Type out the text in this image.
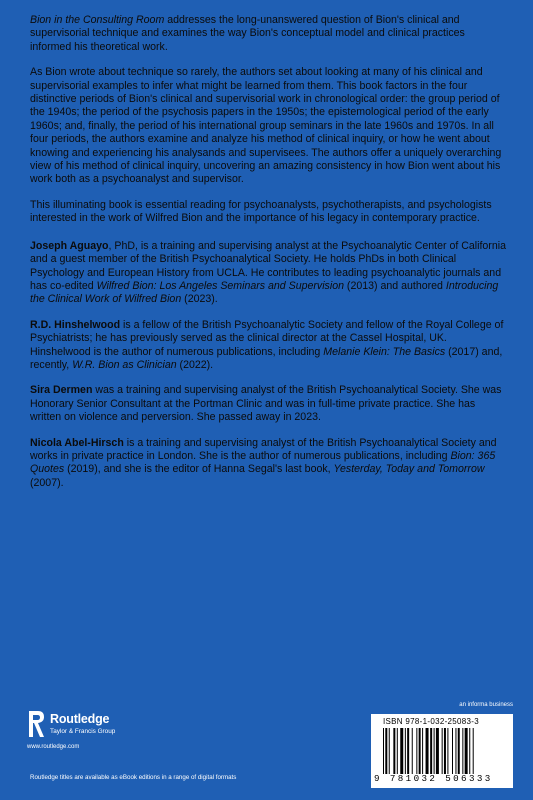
Bion in the Consulting Room addresses the long-unanswered question of Bion's clinical and supervisorial technique and examines the way Bion's conceptual model and clinical practices informed his theoretical work.

As Bion wrote about technique so rarely, the authors set about looking at many of his clinical and supervisorial examples to infer what might be learned from them. This book factors in the four distinctive periods of Bion's clinical and supervisorial work in chronological order: the group period of the 1940s; the period of the psychosis papers in the 1950s; the epistemological period of the early 1960s; and, finally, the period of his international group seminars in the late 1960s and 1970s. In all four periods, the authors examine and analyze his method of clinical inquiry, or how he went about knowing and experiencing his analysands and supervisees. The authors offer a uniquely overarching view of his method of clinical inquiry, uncovering an amazing consistency in how Bion went about his work both as a psychoanalyst and supervisor.

This illuminating book is essential reading for psychoanalysts, psychotherapists, and psychologists interested in the work of Wilfred Bion and the importance of his legacy in contemporary practice.

Joseph Aguayo, PhD, is a training and supervising analyst at the Psychoanalytic Center of California and a guest member of the British Psychoanalytical Society. He holds PhDs in both Clinical Psychology and European History from UCLA. He contributes to leading psychoanalytic journals and has co-edited Wilfred Bion: Los Angeles Seminars and Supervision (2013) and authored Introducing the Clinical Work of Wilfred Bion (2023).

R.D. Hinshelwood is a fellow of the British Psychoanalytic Society and fellow of the Royal College of Psychiatrists; he has previously served as the clinical director at the Cassel Hospital, UK. Hinshelwood is the author of numerous publications, including Melanie Klein: The Basics (2017) and, recently, W.R. Bion as Clinician (2022).

Sira Dermen was a training and supervising analyst of the British Psychoanalytical Society. She was Honorary Senior Consultant at the Portman Clinic and was in full-time private practice. She has written on violence and perversion. She passed away in 2023.

Nicola Abel-Hirsch is a training and supervising analyst of the British Psychoanalytical Society and works in private practice in London. She is the author of numerous publications, including Bion: 365 Quotes (2019), and she is the editor of Hanna Segal's last book, Yesterday, Today and Tomorrow (2007).

Routledge
Taylor & Francis Group
www.routledge.com
Routledge titles are available as eBook editions in a range of digital formats
an informa business
ISBN 978-1-032-25083-3
9 781032 506333
